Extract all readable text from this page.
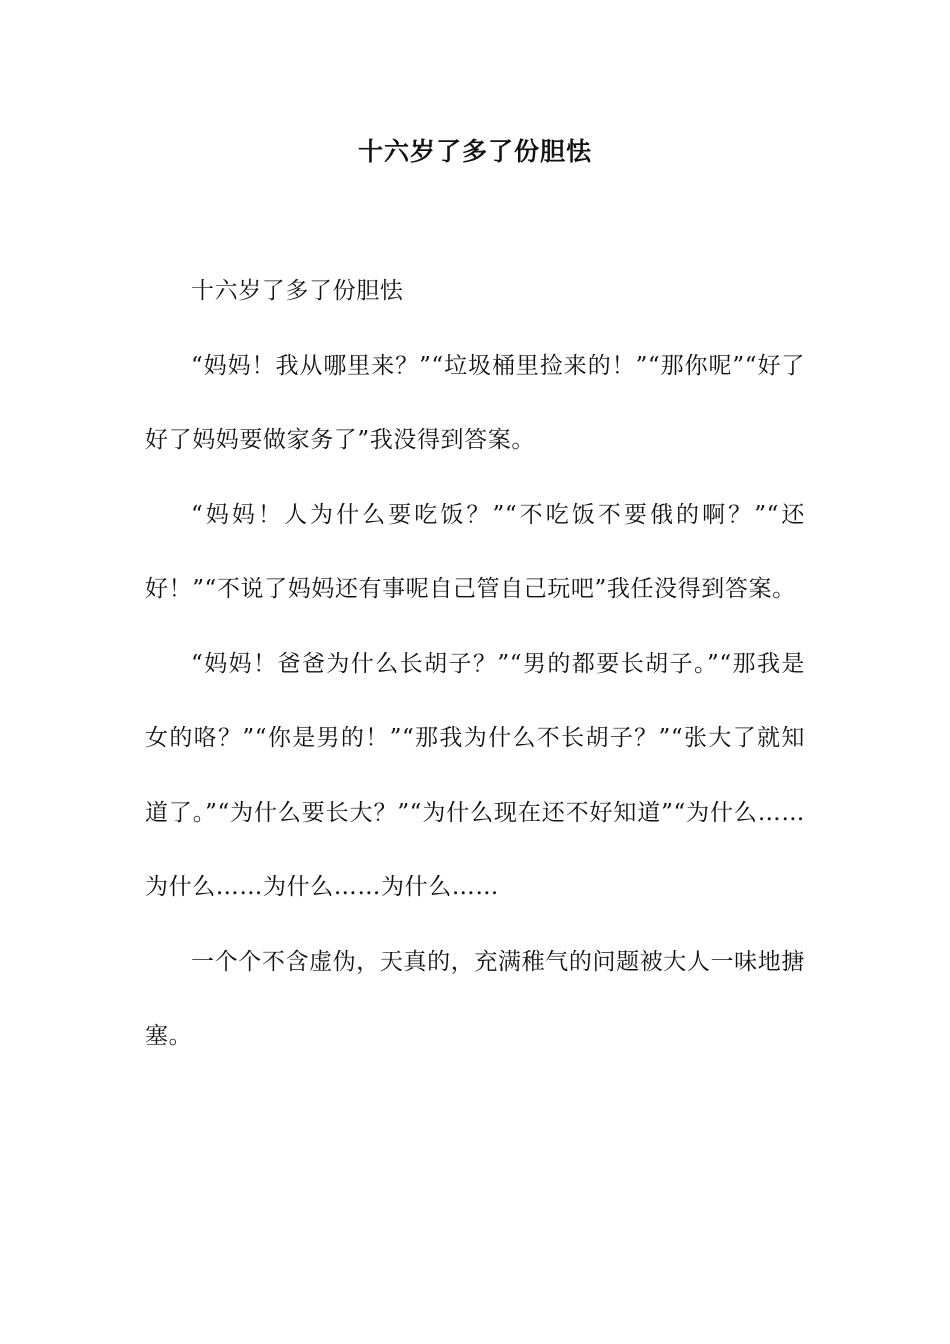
十六岁了多了份胆怯

十六岁了多了份胆怯

“妈妈！我从哪里来？”“垃圾桶里捡来的！”“那你呢”“好了好了妈妈要做家务了”我没得到答案。

“妈妈！人为什么要吃饭？”“不吃饭不要俄的啊？”“还好！”“不说了妈妈还有事呢自己管自己玩吧”我任没得到答案。

“妈妈！爸爸为什么长胡子？”“男的都要长胡子。”“那我是女的咯？”“你是男的！”“那我为什么不长胡子？”“张大了就知道了。”“为什么要长大？”“为什么现在还不好知道”“为什么……为什么……为什么……为什么……

一个个不含虚伪，天真的，充满稚气的问题被大人一味地搪塞。
